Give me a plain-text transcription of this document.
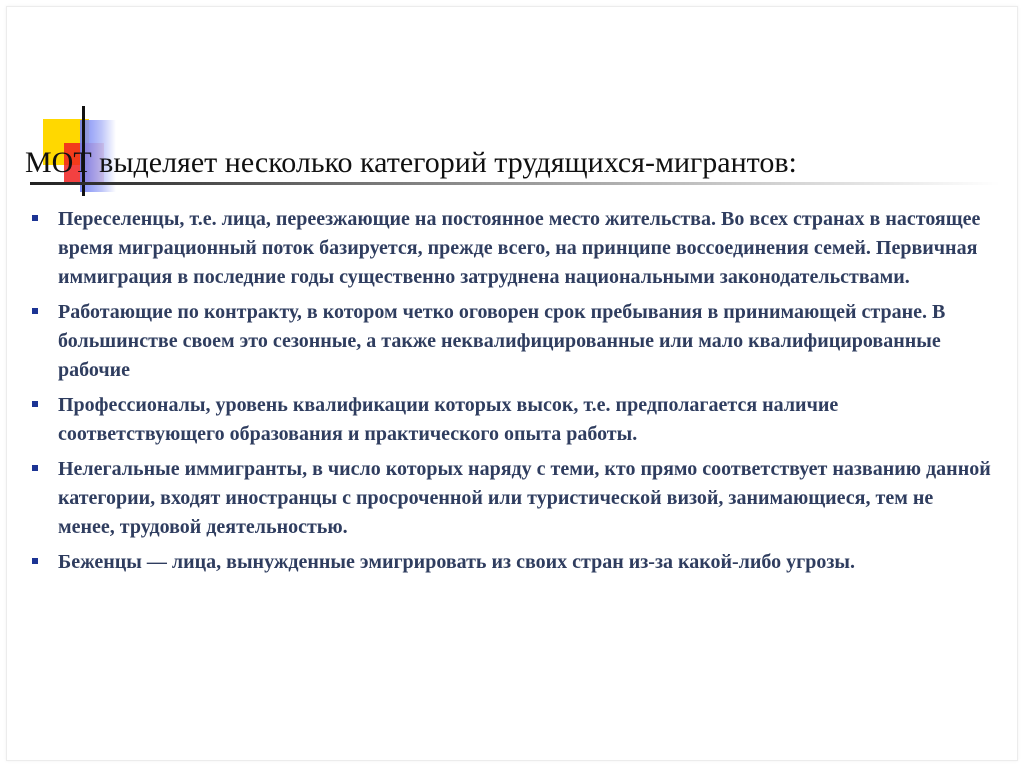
МОТ выделяет несколько категорий трудящихся-мигрантов:

Переселенцы, т.е. лица, переезжающие на постоянное место жительства. Во всех странах в настоящее время миграционный поток базируется, прежде всего, на принципе воссоединения семей. Первичная иммиграция в последние годы существенно затруднена национальными законодательствами.

Работающие по контракту, в котором четко оговорен срок пребывания в принимающей стране. В большинстве своем это сезонные, а также неквалифицированные или мало квалифицированные рабочие

Профессионалы, уровень квалификации которых высок, т.е. предполагается наличие соответствующего образования и практического опыта работы.

Нелегальные иммигранты, в число которых наряду с теми, кто прямо соответствует названию данной категории, входят иностранцы с просроченной или туристической визой, занимающиеся, тем не менее, трудовой деятельностью.

Беженцы — лица, вынужденные эмигрировать из своих стран из-за какой-либо угрозы.
